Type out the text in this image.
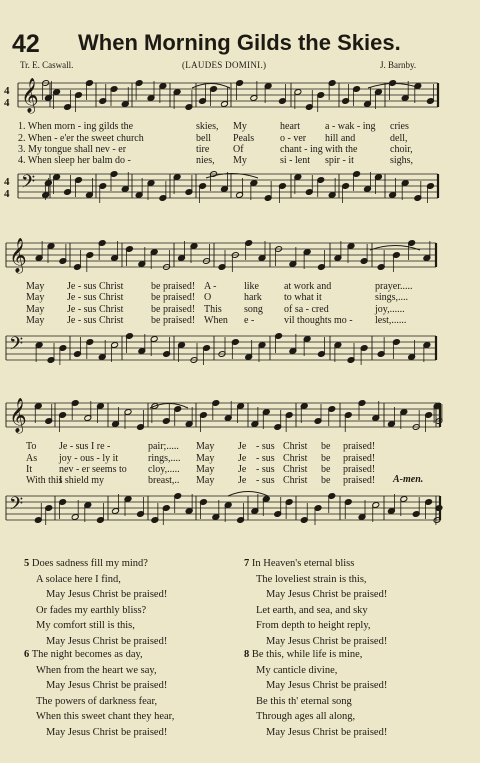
42 When Morning Gilds the Skies.
Tr. E. Caswall.	(LAUDES DOMINI.)	J. Barnby.
𝄞
4
4
𝄢
4
4
𝄞
𝄢
𝄞
𝄢
1. When morn - ing gilds the	skies, My	heart	a - wak - ing cries
2. When - e'er the sweet church	bell Peals	o - ver hill and	dell,
3. My tongue shall nev - er	tire Of	chant - ing with the	choir,
4. When sleep her balm do -	nies, My	si - lent spir - it	sighs,
May Je - sus Christ	be praised! A -	like	at work and	prayer.....
May Je - sus Christ	be praised! O	hark to what it	sings,....
May Je - sus Christ	be praised! This song of sa - cred	joy,......
May Je - sus Christ	be praised! When e -	vil thoughts mo - lest,......
To Je - sus I re -	pair;..... May Je - sus Christ be praised!
As joy - ous - ly it	rings,.... May Je - sus Christ be praised!
It	nev - er seems to cloy,..... May Je - sus Christ be praised!
With this
I shield my	breast,.. May Je - sus Christ be praised! A-men.
5 Does sadness fill my mind?
A solace here I find,
May Jesus Christ be praised!
Or fades my earthly bliss?
My comfort still is this,
May Jesus Christ be praised!
6 The night becomes as day,
When from the heart we say,
May Jesus Christ be praised!
The powers of darkness fear,
When this sweet chant they hear,
May Jesus Christ be praised!
7 In Heaven's eternal bliss
The loveliest strain is this,
May Jesus Christ be praised!
Let earth, and sea, and sky
From depth to height reply,
May Jesus Christ be praised!
8 Be this, while life is mine,
My canticle divine,
May Jesus Christ be praised!
Be this th' eternal song
Through ages all along,
May Jesus Christ be praised!
